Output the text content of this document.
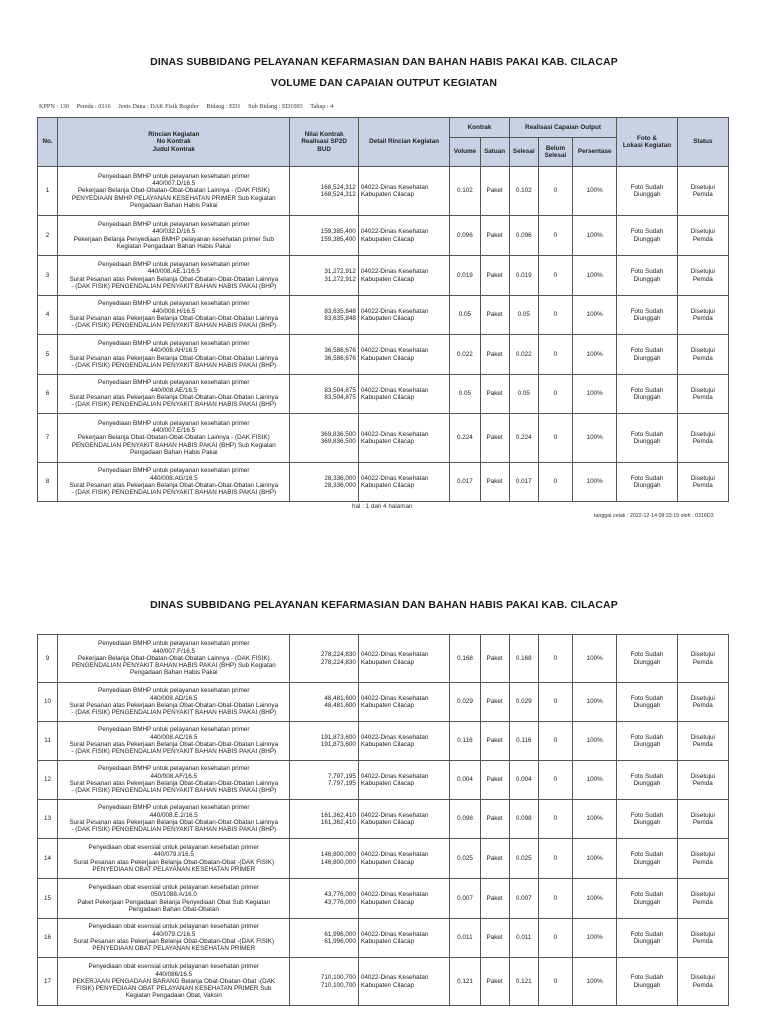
DINAS SUBBIDANG PELAYANAN KEFARMASIAN DAN BAHAN HABIS PAKAI KAB. CILACAP
VOLUME DAN CAPAIAN OUTPUT KEGIATAN
KPPN : 130     Pemda : 0316     Jenis Dana : DAK Fisik Reguler     Bidang : ED1     Sub Bidang : ED1003     Tahap : 4
No.	Rincian Kegiatan
No Kontrak
Judul Kontrak	Nilai Kontrak
Realisasi SP2D
BUD	Detail Rincian Kegiatan	Kontrak		Realisasi Capaian Output			Foto &
Lokasi Kegiatan	Status
				Volume	Satuan	Selesai	Belum
Selesai	Persentase		

1	Penyediaan BMHP untuk pelayanan kesehatan primer
440/007.D/16.5
Pekerjaan Belanja Obat-Obatan-Obat-Obatan Lainnya - (DAK FISIK)
PENYEDIAAN BMHP PELAYANAN KESEHATAN PRIMER Sub Kegiatan
Pengadaan Bahan Habis Pakai	168,524,312
168,524,312	04022-Dinas Kesehatan
Kabupaten Cilacap	0.102	Paket	0.102	0	100%	Foto Sudah
Diunggah	Disetujui
Pemda

2	Penyediaan BMHP untuk pelayanan kesehatan primer
440/032.D/16.5
Pekerjaan Belanja Penyediaan BMHP pelayanan kesehatan primer Sub
Kegiatan Pengadaan Bahan Habis Pakai	159,385,400
159,385,400	04022-Dinas Kesehatan
Kabupaten Cilacap	0.096	Paket	0.096	0	100%	Foto Sudah
Diunggah	Disetujui
Pemda

3	Penyediaan BMHP untuk pelayanan kesehatan primer
440/008.AE.1/16.5
Surat Pesanan atas Pekerjaan Belanja Obat-Obatan-Obat-Obatan Lainnya
- (DAK FISIK) PENGENDALIAN PENYAKIT BAHAN HABIS PAKAI (BHP)	31,272,912
31,272,912	04022-Dinas Kesehatan
Kabupaten Cilacap	0.019	Paket	0.019	0	100%	Foto Sudah
Diunggah	Disetujui
Pemda

4	Penyediaan BMHP untuk pelayanan kesehatan primer
440/008.H/16.5
Surat Pesanan atas Pekerjaan Belanja Obat-Obatan-Obat-Obatan Lainnya
- (DAK FISIK) PENGENDALIAN PENYAKIT BAHAN HABIS PAKAI (BHP)	83,635,848
83,635,848	04022-Dinas Kesehatan
Kabupaten Cilacap	0.05	Paket	0.05	0	100%	Foto Sudah
Diunggah	Disetujui
Pemda

5	Penyediaan BMHP untuk pelayanan kesehatan primer
440/008.AH/16.5
Surat Pesanan atas Pekerjaan Belanja Obat-Obatan-Obat-Obatan Lainnya
- (DAK FISIK) PENGENDALIAN PENYAKIT BAHAN HABIS PAKAI (BHP)	36,586,676
36,586,676	04022-Dinas Kesehatan
Kabupaten Cilacap	0.022	Paket	0.022	0	100%	Foto Sudah
Diunggah	Disetujui
Pemda

6	Penyediaan BMHP untuk pelayanan kesehatan primer
440/008.AE/16.5
Surat Pesanan atas Pekerjaan Belanja Obat-Obatan-Obat-Obatan Lainnya
- (DAK FISIK) PENGENDALIAN PENYAKIT BAHAN HABIS PAKAI (BHP)	83,504,875
83,504,875	04022-Dinas Kesehatan
Kabupaten Cilacap	0.05	Paket	0.05	0	100%	Foto Sudah
Diunggah	Disetujui
Pemda

7	Penyediaan BMHP untuk pelayanan kesehatan primer
440/007.E/16.5
Pekerjaan Belanja Obat-Obatan-Obat-Obatan Lainnya - (DAK FISIK)
PENGENDALIAN PENYAKIT BAHAN HABIS PAKAI (BHP) Sub Kegiatan
Pengadaan Bahan Habis Pakai	369,836,500
369,836,500	04022-Dinas Kesehatan
Kabupaten Cilacap	0.224	Paket	0.224	0	100%	Foto Sudah
Diunggah	Disetujui
Pemda

8	Penyediaan BMHP untuk pelayanan kesehatan primer
440/008.AG/16.5
Surat Pesanan atas Pekerjaan Belanja Obat-Obatan-Obat-Obatan Lainnya
- (DAK FISIK) PENGENDALIAN PENYAKIT BAHAN HABIS PAKAI (BHP)	28,336,000
28,336,000	04022-Dinas Kesehatan
Kabupaten Cilacap	0.017	Paket	0.017	0	100%	Foto Sudah
Diunggah	Disetujui
Pemda
hal : 1 dari 4 halaman
tanggal cetak : 2022-12-14 09:23:19 oleh : 0316D3
DINAS SUBBIDANG PELAYANAN KEFARMASIAN DAN BAHAN HABIS PAKAI KAB. CILACAP
9	Penyediaan BMHP untuk pelayanan kesehatan primer
440/007.F/16.5
Pekerjaan Belanja Obat-Obatan-Obat-Obatan Lainnya - (DAK FISIK)
PENGENDALIAN PENYAKIT BAHAN HABIS PAKAI (BHP) Sub Kegiatan
Pengadaan Bahan Habis Pakai	278,224,830
278,224,830	04022-Dinas Kesehatan
Kabupaten Cilacap	0.168	Paket	0.168	0	100%	Foto Sudah
Diunggah	Disetujui
Pemda

10	Penyediaan BMHP untuk pelayanan kesehatan primer
440/008.AD/16.5
Surat Pesanan atas Pekerjaan Belanja Obat-Obatan-Obat-Obatan Lainnya
- (DAK FISIK) PENGENDALIAN PENYAKIT BAHAN HABIS PAKAI (BHP)	48,481,600
48,481,600	04022-Dinas Kesehatan
Kabupaten Cilacap	0.029	Paket	0.029	0	100%	Foto Sudah
Diunggah	Disetujui
Pemda

11	Penyediaan BMHP untuk pelayanan kesehatan primer
440/008.AC/16.5
Surat Pesanan atas Pekerjaan Belanja Obat-Obatan-Obat-Obatan Lainnya
- (DAK FISIK) PENGENDALIAN PENYAKIT BAHAN HABIS PAKAI (BHP)	191,873,600
191,873,600	04022-Dinas Kesehatan
Kabupaten Cilacap	0.116	Paket	0.116	0	100%	Foto Sudah
Diunggah	Disetujui
Pemda

12	Penyediaan BMHP untuk pelayanan kesehatan primer
440/008.AF/16.5
Surat Pesanan atas Pekerjaan Belanja Obat-Obatan-Obat-Obatan Lainnya
- (DAK FISIK) PENGENDALIAN PENYAKIT BAHAN HABIS PAKAI (BHP)	7,797,195
7,797,195	04022-Dinas Kesehatan
Kabupaten Cilacap	0.004	Paket	0.004	0	100%	Foto Sudah
Diunggah	Disetujui
Pemda

13	Penyediaan BMHP untuk pelayanan kesehatan primer
440/008.E.2/16.5
Surat Pesanan atas Pekerjaan Belanja Obat-Obatan-Obat-Obatan Lainnya
- (DAK FISIK) PENGENDALIAN PENYAKIT BAHAN HABIS PAKAI (BHP)	161,362,410
161,362,410	04022-Dinas Kesehatan
Kabupaten Cilacap	0.098	Paket	0.098	0	100%	Foto Sudah
Diunggah	Disetujui
Pemda

14	Penyediaan obat esensial untuk pelayanan kesehatan primer
440/079.I/16.5
Surat Pesanan atas Pekerjaan Belanja Obat-Obatan-Obat -(DAK FISIK)
PENYEDIAAN OBAT PELAYANAN KESEHATAN PRIMER	146,800,000
146,800,000	04022-Dinas Kesehatan
Kabupaten Cilacap	0.025	Paket	0.025	0	100%	Foto Sudah
Diunggah	Disetujui
Pemda

15	Penyediaan obat esensial untuk pelayanan kesehatan primer
050/1088.A/16.0
Paket Pekerjaan Pengadaan Belanja Penyediaan Obat Sub Kegiatan
Pengadaan Bahan Obat-Obatan	43,776,000
43,776,000	04022-Dinas Kesehatan
Kabupaten Cilacap	0.007	Paket	0.007	0	100%	Foto Sudah
Diunggah	Disetujui
Pemda

16	Penyediaan obat esensial untuk pelayanan kesehatan primer
440/079.C/16.5
Surat Pesanan atas Pekerjaan Belanja Obat-Obatan-Obat -(DAK FISIK)
PENYEDIAAN OBAT PELAYANAN KESEHATAN PRIMER	61,996,000
61,996,000	04022-Dinas Kesehatan
Kabupaten Cilacap	0.011	Paket	0.011	0	100%	Foto Sudah
Diunggah	Disetujui
Pemda

17	Penyediaan obat esensial untuk pelayanan kesehatan primer
440/086/16.5
PEKERJAAN PENGADAAN BARANG Belanja Obat-Obatan-Obat -(DAK
FISIK) PENYEDIAAN OBAT PELAYANAN KESEHATAN PRIMER Sub
Kegiatan Pengadaan Obat, Vaksin	710,100,700
710,100,700	04022-Dinas Kesehatan
Kabupaten Cilacap	0.121	Paket	0.121	0	100%	Foto Sudah
Diunggah	Disetujui
Pemda
